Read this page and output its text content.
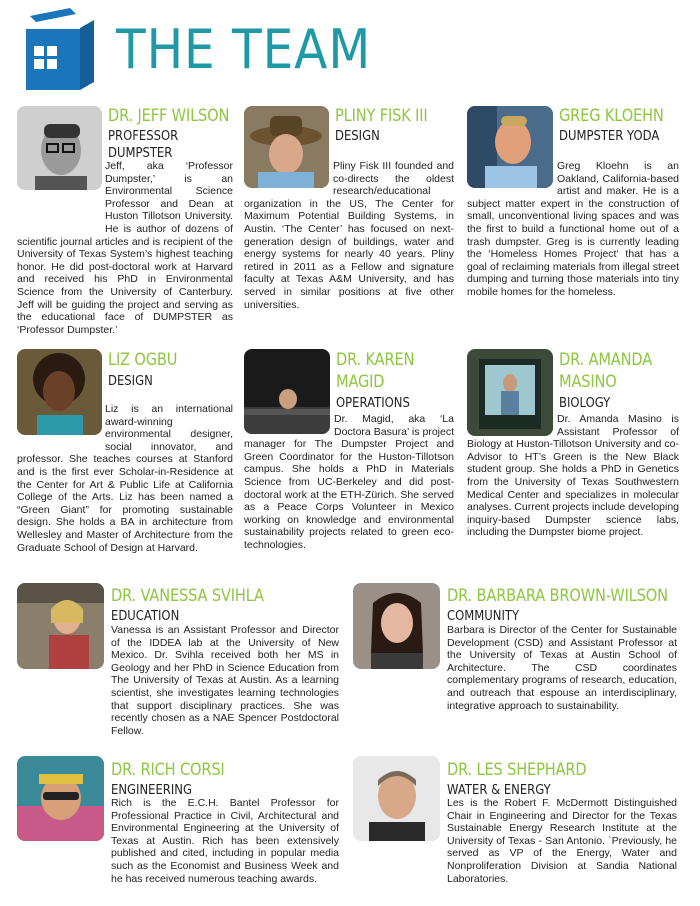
THE TEAM
DR. JEFF WILSON
PROFESSOR
DUMPSTER

Jeff, aka ‘Professor Dumpster,’ is an Environmental Science Professor and Dean at Huston Tillotson University. He is author of dozens of scientific journal articles and is recipient of the University of Texas System’s highest teaching honor. He did post-doctoral work at Harvard and received his PhD in Environmental Science from the University of Canterbury. Jeff will be guiding the project and serving as the educational face of DUMPSTER as ‘Professor Dumpster.’

PLINY FISK III
DESIGN

Pliny Fisk III founded and co-directs the oldest research/educational organization in the US, The Center for Maximum Potential Building Systems, in Austin. ‘The Center’ has focused on next-generation design of buildings, water and energy systems for nearly 40 years. Pliny retired in 2011 as a Fellow and signature faculty at Texas A&M University, and has served in similar positions at five other universities.

GREG KLOEHN
DUMPSTER YODA

Greg Kloehn is an Oakland, California-based artist and maker. He is a subject matter expert in the construction of small, unconventional living spaces and was the first to build a functional home out of a trash dumpster. Greg is is currently leading the ‘Homeless Homes Project‘ that has a goal of reclaiming materials from illegal street dumping and turning those materials into tiny mobile homes for the homeless.

LIZ OGBU
DESIGN

Liz is an international award-winning environmental designer, social innovator, and professor. She teaches courses at Stanford and is the first ever Scholar-in-Residence at the Center for Art & Public Life at California College of the Arts. Liz has been named a “Green Giant” for promoting sustainable design. She holds a BA in architecture from Wellesley and Master of Architecture from the Graduate School of Design at Harvard.

DR. KAREN
MAGID
OPERATIONS

Dr. Magid, aka ‘La Doctora Basura’ is project manager for The Dumpster Project and Green Coordinator for the Huston-Tillotson campus. She holds a PhD in Materials Science from UC-Berkeley and did post-doctoral work at the ETH-Zürich. She served as a Peace Corps Volunteer in Mexico working on knowledge and environmental sustainability projects related to green eco-technologies.

DR. AMANDA
MASINO
BIOLOGY

Dr. Amanda Masino is Assistant Professor of Biology at Huston-Tillotson University and co-Advisor to HT’s Green is the New Black student group. She holds a PhD in Genetics from the University of Texas Southwestern Medical Center and specializes in molecular analyses. Current projects include developing inquiry-based Dumpster science labs, including the Dumpster biome project.

DR. VANESSA SVIHLA
EDUCATION

Vanessa is an Assistant Professor and Director of the IDDEA lab at the University of New Mexico. Dr. Svihla received both her MS in Geology and her PhD in Science Education from The University of Texas at Austin. As a learning scientist, she investigates learning technologies that support disciplinary practices. She was recently chosen as a NAE Spencer Postdoctoral Fellow.

DR. BARBARA BROWN-WILSON
COMMUNITY

Barbara is Director of the Center for Sustainable Development (CSD) and Assistant Professor at the University of Texas at Austin School of Architecture. The CSD coordinates complementary programs of research, education, and outreach that espouse an interdisciplinary, integrative approach to sustainability.

DR. RICH CORSI
ENGINEERING

Rich is the E.C.H. Bantel Professor for Professional Practice in Civil, Architectural and Environmental Engineering at the University of Texas at Austin. Rich has been extensively published and cited, including in popular media such as the Economist and Business Week and he has received numerous teaching awards.

DR. LES SHEPHARD
WATER & ENERGY

Les is the Robert F. McDermott Distinguished Chair in Engineering and Director for the Texas Sustainable Energy Research Institute at the University of Texas - San Antonio. `Previously, he served as VP of the Energy, Water and Nonproliferation Division at Sandia National Laboratories.
